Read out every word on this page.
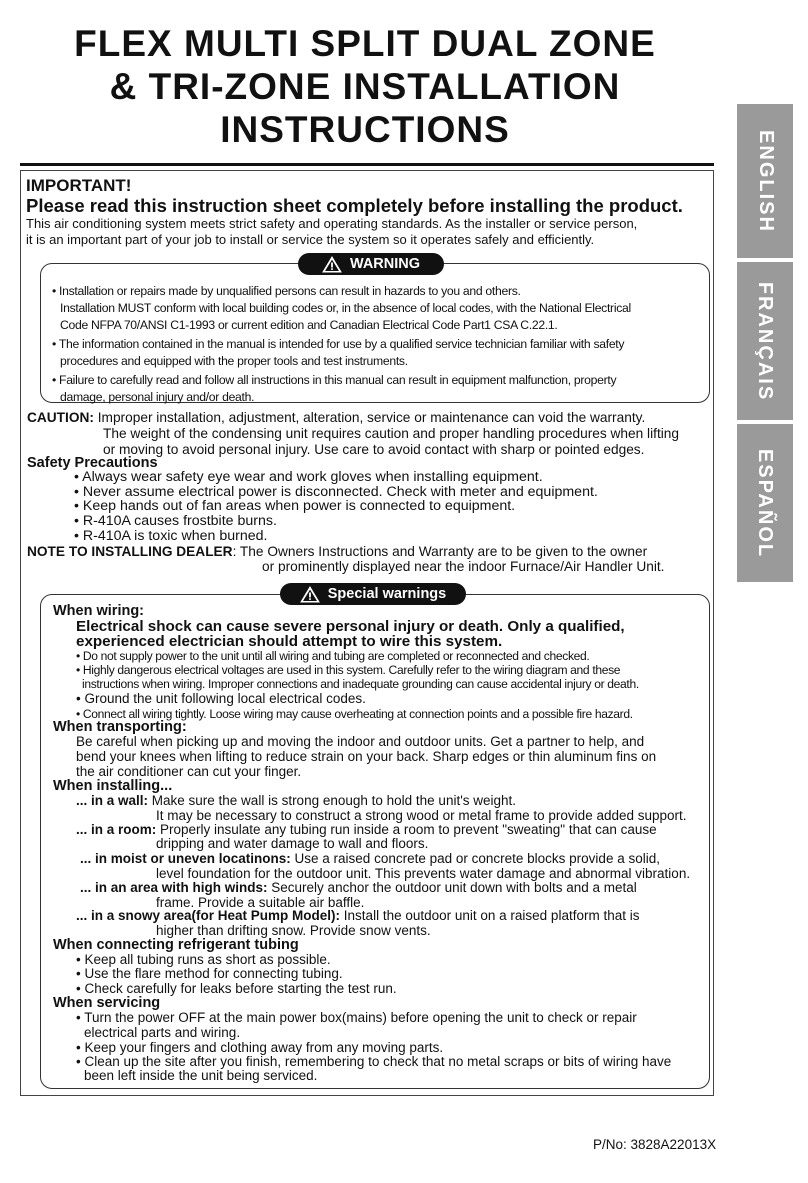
FLEX MULTI SPLIT DUAL ZONE
& TRI-ZONE INSTALLATION
INSTRUCTIONS
ENGLISH
FRANÇAIS
ESPAÑOL
IMPORTANT!
Please read this instruction sheet completely before installing the product.
This air conditioning system meets strict safety and operating standards. As the installer or service person,
it is an important part of your job to install or service the system so it operates safely and efficiently.
WARNING
• Installation or repairs made by unqualified persons can result in hazards to you and others.
Installation MUST conform with local building codes or, in the absence of local codes, with the National Electrical
Code NFPA 70/ANSI C1-1993 or current edition and Canadian Electrical Code Part1 CSA C.22.1.
• The information contained in the manual is intended for use by a qualified service technician familiar with safety
procedures and equipped with the proper tools and test instruments.
• Failure to carefully read and follow all instructions in this manual can result in equipment malfunction, property
damage, personal injury and/or death.
CAUTION: Improper installation, adjustment, alteration, service or maintenance can void the warranty.
The weight of the condensing unit requires caution and proper handling procedures when lifting
or moving to avoid personal injury. Use care to avoid contact with sharp or pointed edges.
Safety Precautions
• Always wear safety eye wear and work gloves when installing equipment.
• Never assume electrical power is disconnected. Check with meter and equipment.
• Keep hands out of fan areas when power is connected to equipment.
• R-410A causes frostbite burns.
• R-410A is toxic when burned.
NOTE TO INSTALLING DEALER: The Owners Instructions and Warranty are to be given to the owner
or prominently displayed near the indoor Furnace/Air Handler Unit.
Special warnings
When wiring:
Electrical shock can cause severe personal injury or death. Only a qualified,
experienced electrician should attempt to wire this system.
• Do not supply power to the unit until all wiring and tubing are completed or reconnected and checked.
• Highly dangerous electrical voltages are used in this system. Carefully refer to the wiring diagram and these
instructions when wiring. Improper connections and inadequate grounding can cause accidental injury or death.
• Ground the unit following local electrical codes.
• Connect all wiring tightly. Loose wiring may cause overheating at connection points and a possible fire hazard.
When transporting:
Be careful when picking up and moving the indoor and outdoor units. Get a partner to help, and
bend your knees when lifting to reduce strain on your back. Sharp edges or thin aluminum fins on
the air conditioner can cut your finger.
When installing...
... in a wall: Make sure the wall is strong enough to hold the unit's weight.
It may be necessary to construct a strong wood or metal frame to provide added support.
... in a room: Properly insulate any tubing run inside a room to prevent "sweating" that can cause
dripping and water damage to wall and floors.
... in moist or uneven locatinons: Use a raised concrete pad or concrete blocks provide a solid,
level foundation for the outdoor unit. This prevents water damage and abnormal vibration.
... in an area with high winds: Securely anchor the outdoor unit down with bolts and a metal
frame. Provide a suitable air baffle.
... in a snowy area(for Heat Pump Model): Install the outdoor unit on a raised platform that is
higher than drifting snow. Provide snow vents.
When connecting refrigerant tubing
• Keep all tubing runs as short as possible.
• Use the flare method for connecting tubing.
• Check carefully for leaks before starting the test run.
When servicing
• Turn the power OFF at the main power box(mains) before opening the unit to check or repair
electrical parts and wiring.
• Keep your fingers and clothing away from any moving parts.
• Clean up the site after you finish, remembering to check that no metal scraps or bits of wiring have
been left inside the unit being serviced.
P/No: 3828A22013X
